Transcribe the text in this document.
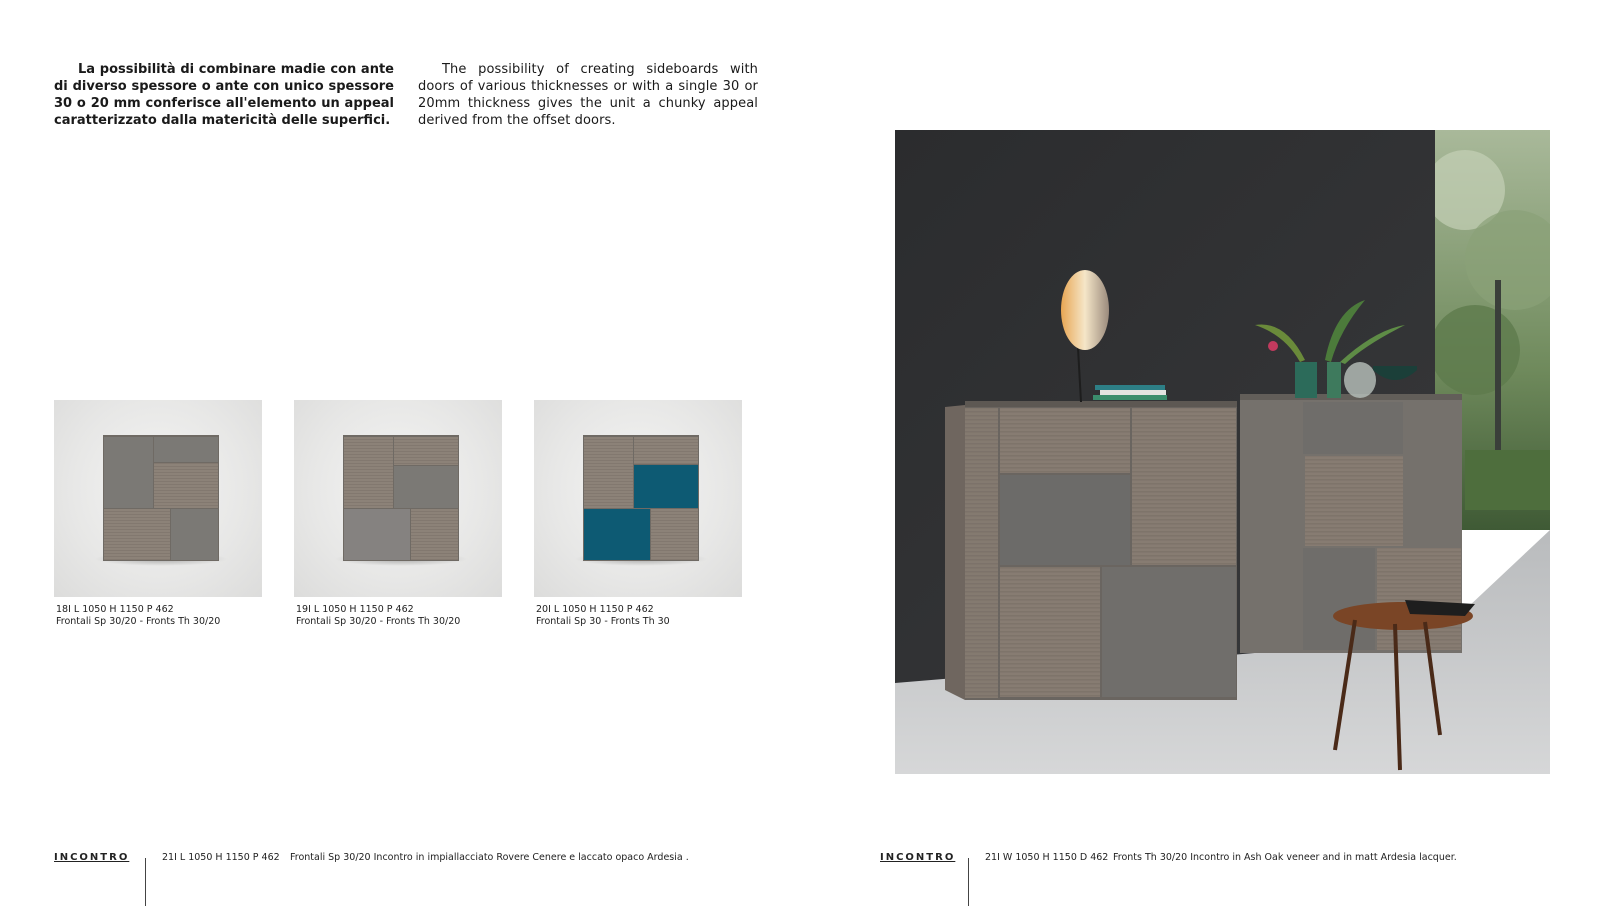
La possibilità di combinare madie con ante di diverso spessore o ante con unico spessore 30 o 20 mm conferisce all'elemento un appeal caratterizzato dalla matericità delle superfici.

The possibility of creating sideboards with doors of various thicknesses or with a single 30 or 20mm thickness gives the unit a chunky appeal derived from the offset doors.

18I L 1050 H 1150 P 462
Frontali Sp 30/20 - Fronts Th 30/20
19I L 1050 H 1150 P 462
Frontali Sp 30/20 - Fronts Th 30/20
20I L 1050 H 1150 P 462
Frontali Sp 30 - Fronts Th 30
INCONTRO	21I L 1050 H 1150 P 462 Frontali Sp 30/20 Incontro in impiallacciato Rovere Cenere e laccato opaco Ardesia .	INCONTRO	21I W 1050 H 1150 D 462 Fronts Th 30/20 Incontro in Ash Oak veneer and in matt Ardesia lacquer.
